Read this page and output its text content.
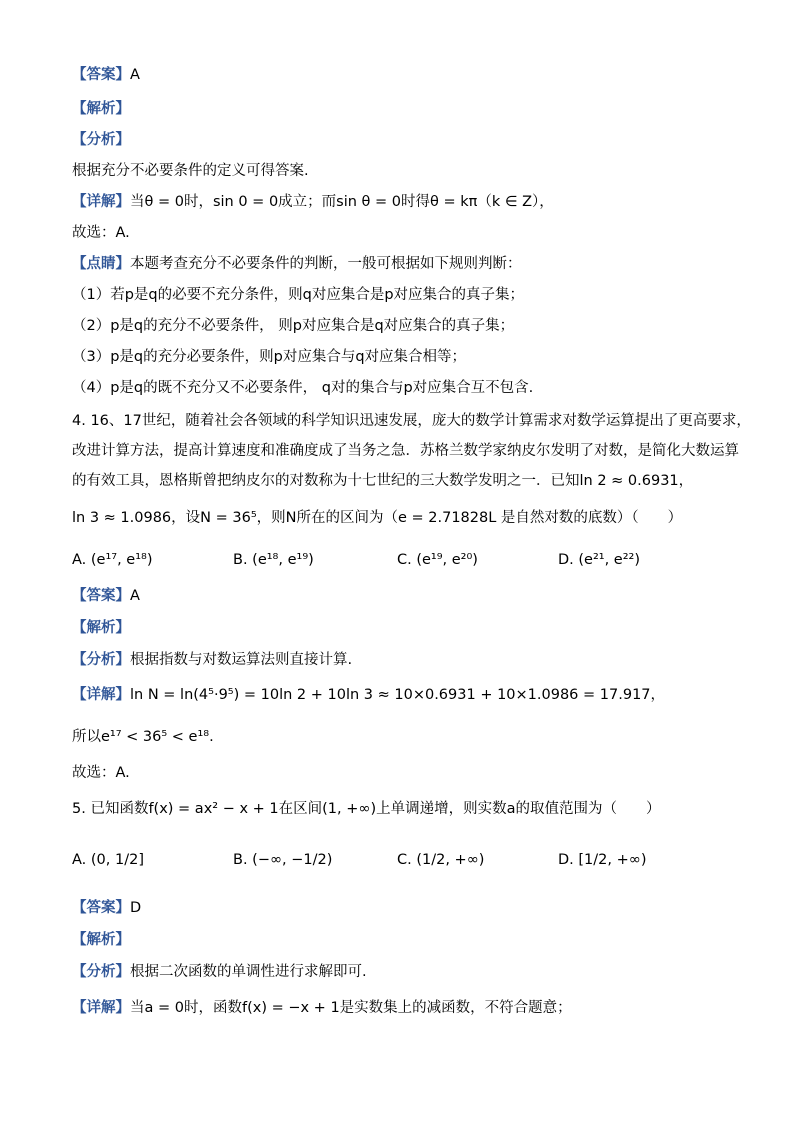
【答案】A
【解析】
【分析】
根据充分不必要条件的定义可得答案.
【详解】当θ = 0时，sin 0 = 0成立；而sin θ = 0时得θ = kπ（k ∈ Z），
故选：A.
【点睛】本题考查充分不必要条件的判断，一般可根据如下规则判断：
（1）若p是q的必要不充分条件，则q对应集合是p对应集合的真子集；
（2）p是q的充分不必要条件， 则p对应集合是q对应集合的真子集；
（3）p是q的充分必要条件，则p对应集合与q对应集合相等；
（4）p是q的既不充分又不必要条件， q对的集合与p对应集合互不包含.
4. 16、17世纪，随着社会各领域的科学知识迅速发展，庞大的数学计算需求对数学运算提出了更高要求，
改进计算方法，提高计算速度和准确度成了当务之急．苏格兰数学家纳皮尔发明了对数，是简化大数运算
的有效工具，恩格斯曾把纳皮尔的对数称为十七世纪的三大数学发明之一．已知ln 2 ≈ 0.6931，
ln 3 ≈ 1.0986，设N = 36⁵，则N所在的区间为（e = 2.71828L 是自然对数的底数）（　　）
A. (e¹⁷, e¹⁸)	B. (e¹⁸, e¹⁹)	C. (e¹⁹, e²⁰)	D. (e²¹, e²²)
【答案】A
【解析】
【分析】根据指数与对数运算法则直接计算.
【详解】ln N = ln(4⁵·9⁵) = 10ln 2 + 10ln 3 ≈ 10×0.6931 + 10×1.0986 = 17.917，
所以e¹⁷ < 36⁵ < e¹⁸.
故选：A.
5. 已知函数f(x) = ax² − x + 1在区间(1, +∞)上单调递增，则实数a的取值范围为（　　）
A. (0, 1/2]	B. (−∞, −1/2)	C. (1/2, +∞)	D. [1/2, +∞)
【答案】D
【解析】
【分析】根据二次函数的单调性进行求解即可.
【详解】当a = 0时，函数f(x) = −x + 1是实数集上的减函数，不符合题意；
